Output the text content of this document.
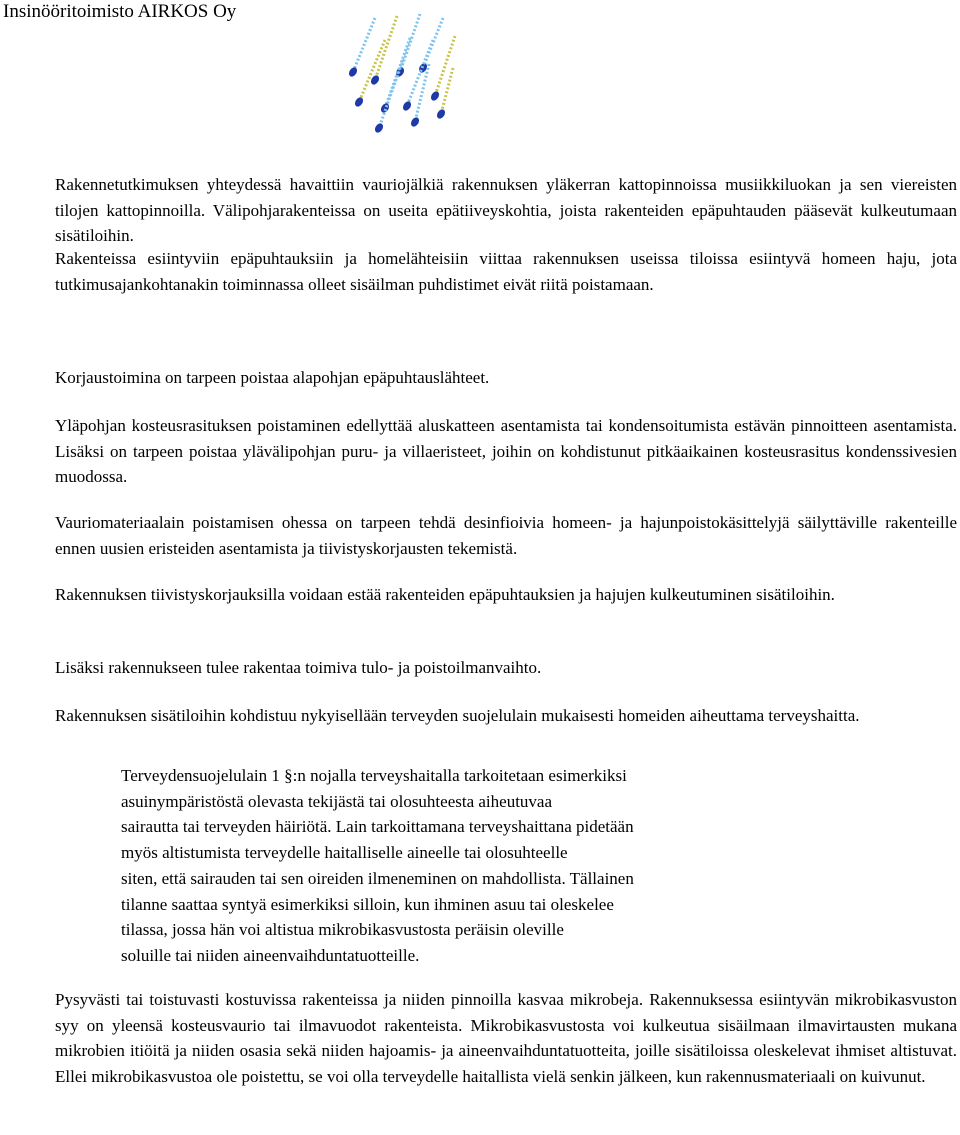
Insinööritoimisto AIRKOS Oy

Rakennetutkimuksen yhteydessä havaittiin vauriojälkiä rakennuksen yläkerran kattopinnoissa musiikkiluokan ja sen viereisten tilojen kattopinnoilla. Välipohjarakenteissa on useita epätiiveyskohtia, joista rakenteiden epäpuhtauden pääsevät kulkeutumaan sisätiloihin.

Rakenteissa esiintyviin epäpuhtauksiin ja homelähteisiin viittaa rakennuksen useissa tiloissa esiintyvä homeen haju, jota tutkimusajankohtanakin toiminnassa olleet sisäilman puhdistimet eivät riitä poistamaan.

Korjaustoimina on tarpeen poistaa alapohjan epäpuhtauslähteet.

Yläpohjan kosteusrasituksen poistaminen edellyttää aluskatteen asentamista tai kondensoitumista estävän pinnoitteen asentamista. Lisäksi on tarpeen poistaa ylävälipohjan puru- ja villaeristeet, joihin on kohdistunut pitkäaikainen kosteusrasitus kondenssivesien muodossa.

Vauriomateriaalain poistamisen ohessa on tarpeen tehdä desinfioivia homeen- ja hajunpoistokäsittelyjä säilyttäville rakenteille ennen uusien eristeiden asentamista ja tiivistyskorjausten tekemistä.

Rakennuksen tiivistyskorjauksilla voidaan estää rakenteiden epäpuhtauksien ja hajujen kulkeutuminen sisätiloihin.

Lisäksi rakennukseen tulee rakentaa toimiva tulo- ja poistoilmanvaihto.

Rakennuksen sisätiloihin kohdistuu nykyisellään terveyden suojelulain mukaisesti homeiden aiheuttama terveyshaitta.

Terveydensuojelulain 1 §:n nojalla terveyshaitalla tarkoitetaan esimerkiksi
asuinympäristöstä olevasta tekijästä tai olosuhteesta aiheutuvaa
sairautta tai terveyden häiriötä. Lain tarkoittamana terveyshaittana pidetään
myös altistumista terveydelle haitalliselle aineelle tai olosuhteelle
siten, että sairauden tai sen oireiden ilmeneminen on mahdollista. Tällainen
tilanne saattaa syntyä esimerkiksi silloin, kun ihminen asuu tai oleskelee
tilassa, jossa hän voi altistua mikrobikasvustosta peräisin oleville
soluille tai niiden aineenvaihduntatuotteille.

Pysyvästi tai toistuvasti kostuvissa rakenteissa ja niiden pinnoilla kasvaa mikrobeja. Rakennuksessa esiintyvän mikrobikasvuston syy on yleensä kosteusvaurio tai ilmavuodot rakenteista. Mikrobikasvustosta voi kulkeutua sisäilmaan ilmavirtausten mukana mikrobien itiöitä ja niiden osasia sekä niiden hajoamis- ja aineenvaihduntatuotteita, joille sisätiloissa oleskelevat ihmiset altistuvat. Ellei mikrobikasvustoa ole poistettu, se voi olla terveydelle haitallista vielä senkin jälkeen, kun rakennusmateriaali on kuivunut.
